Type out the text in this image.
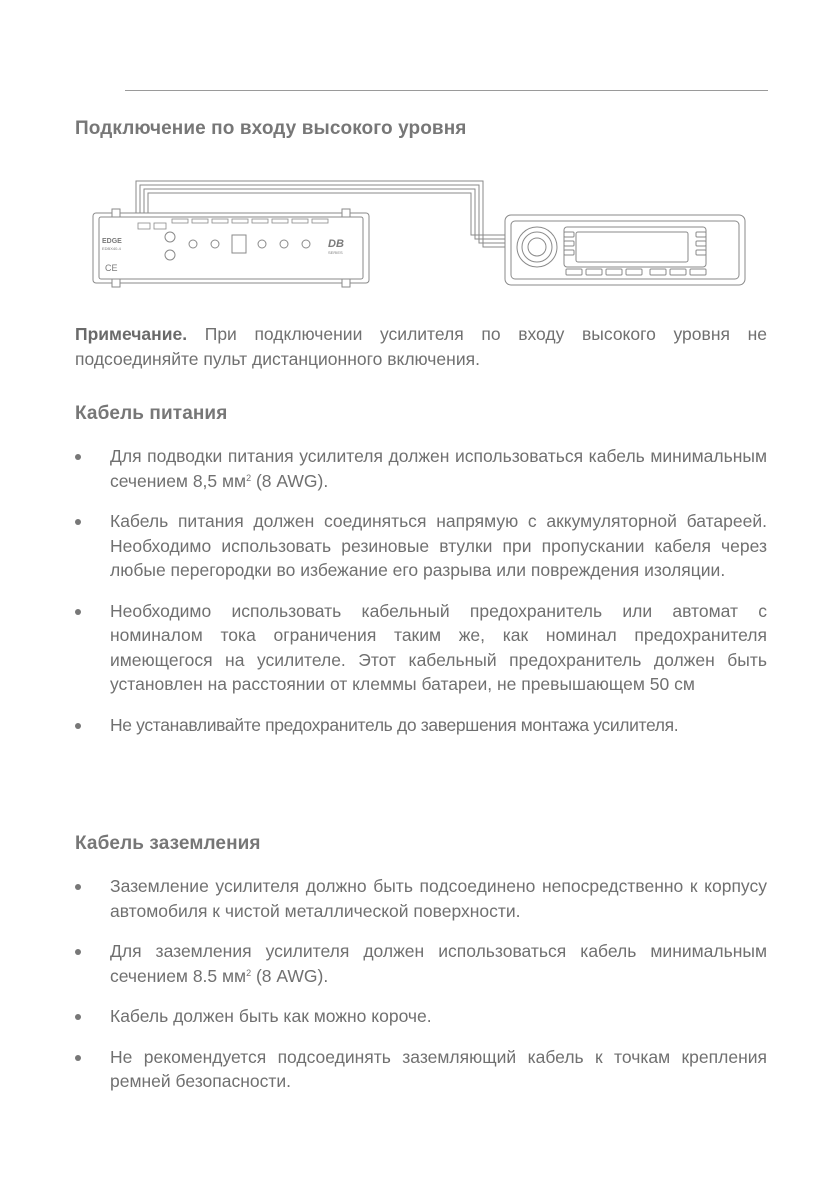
Подключение по входу высокого уровня
EDGE
EDBX40-4
CE
DB
SERIES

Примечание. При подключении усилителя по входу высокого уровня не подсоединяйте пульт дистанционного включения.

Кабель питания
Для подводки питания усилителя должен использоваться кабель минимальным сечением 8,5 $мм^2$ (8 AWG).
Кабель питания должен соединяться напрямую с аккумуляторной батареей. Необходимо использовать резиновые втулки при пропускании кабеля через любые перегородки во избежание его разрыва или повреждения изоляции.
Необходимо использовать кабельный предохранитель или автомат с номиналом тока ограничения таким же, как номинал предохранителя имеющегося на усилителе. Этот кабельный предохранитель должен быть установлен на расстоянии от клеммы батареи, не превышающем 50 см
Не устанавливайте предохранитель до завершения монтажа усилителя.
Кабель заземления
Заземление усилителя должно быть подсоединено непосредственно к корпусу автомобиля к чистой металлической поверхности.
Для заземления усилителя должен использоваться кабель минимальным сечением 8.5 $мм^2$ (8 AWG).
Кабель должен быть как можно короче.
Не рекомендуется подсоединять заземляющий кабель к точкам крепления ремней безопасности.
